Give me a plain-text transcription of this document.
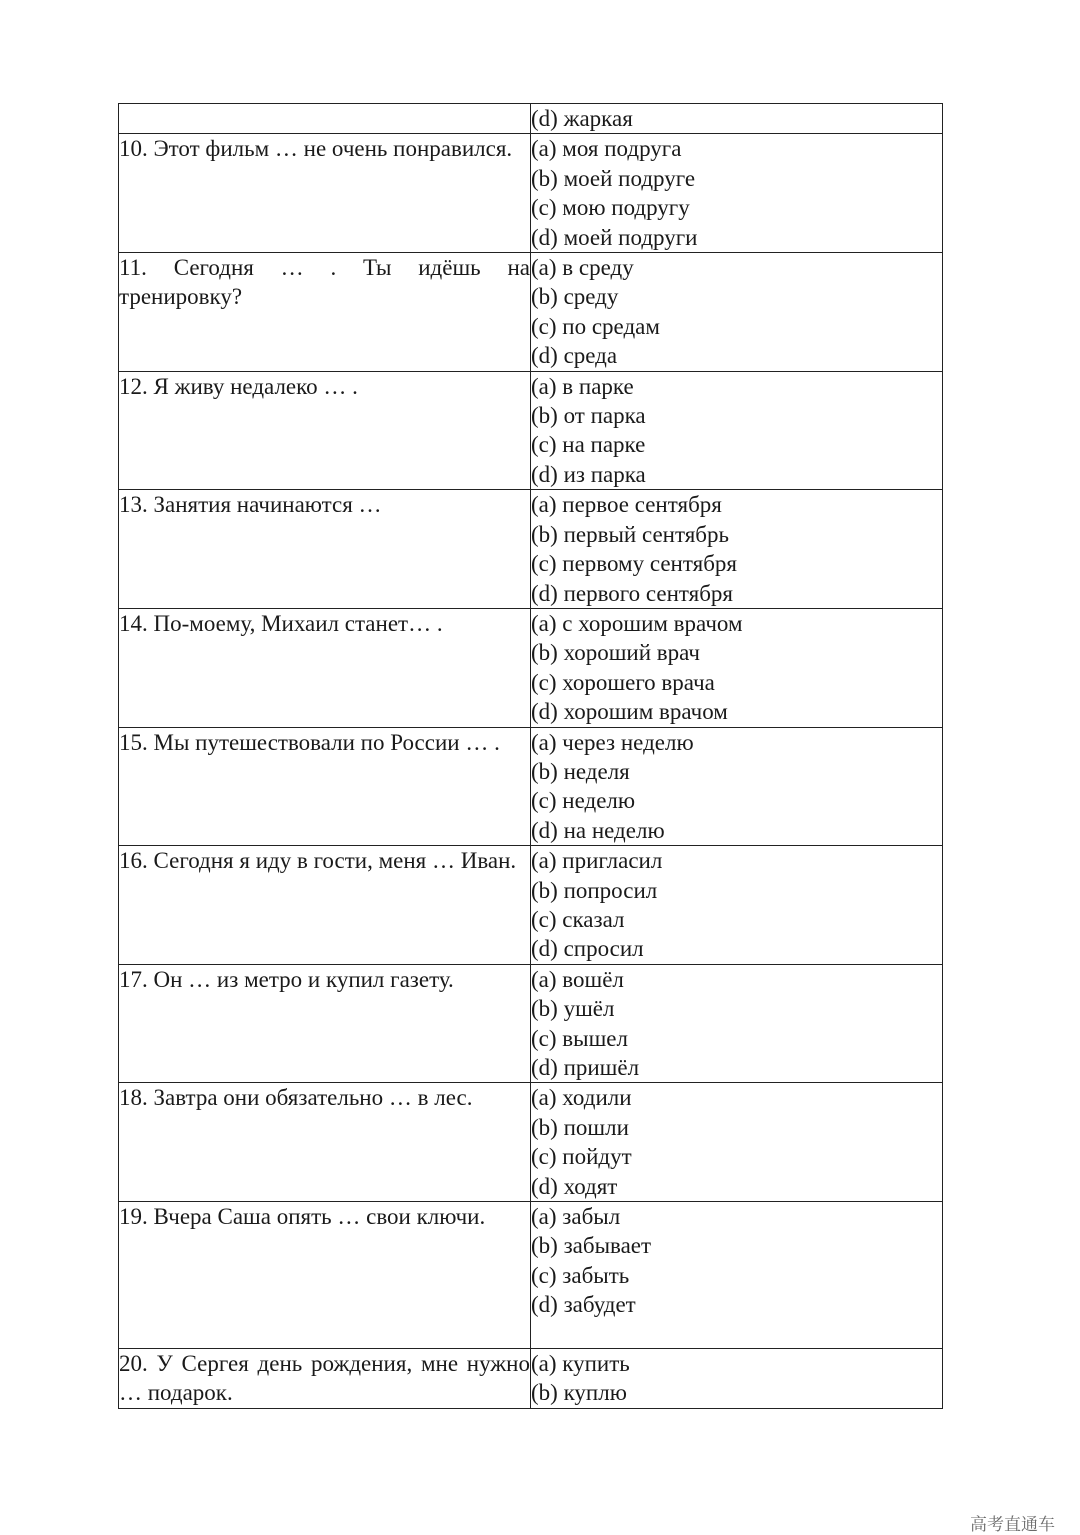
	(d) жаркая

10. Этот фильм … не очень понравился.	(a) моя подруга
(b) моей подруге
(c) мою подругу
(d) моей подруги

11. Сегодня … . Ты идёшь на тренировку?	(a) в среду
(b) среду
(c) по средам
(d) среда

12. Я живу недалеко … .	(a) в парке
(b) от парка
(c) на парке
(d) из парка

13. Занятия начинаются …	(a) первое сентября
(b) первый сентябрь
(c) первому сентября
(d) первого сентября

14. По-моему, Михаил станет… .	(a) с хорошим врачом
(b) хороший врач
(c) хорошего врача
(d) хорошим врачом

15. Мы путешествовали по России … .	(a) через неделю
(b) неделя
(c) неделю
(d) на неделю

16. Сегодня я иду в гости, меня … Иван.	(a) пригласил
(b) попросил
(c) сказал
(d) спросил

17. Он … из метро и купил газету.	(a) вошёл
(b) ушёл
(c) вышел
(d) пришёл

18. Завтра они обязательно … в лес.	(a) ходили
(b) пошли
(c) пойдут
(d) ходят

19. Вчера Саша опять … свои ключи.	(a) забыл
(b) забывает
(c) забыть
(d) забудет

20. У Сергея день рождения, мне нужно … подарок.	(a) купить
(b) куплю
高考直通车
